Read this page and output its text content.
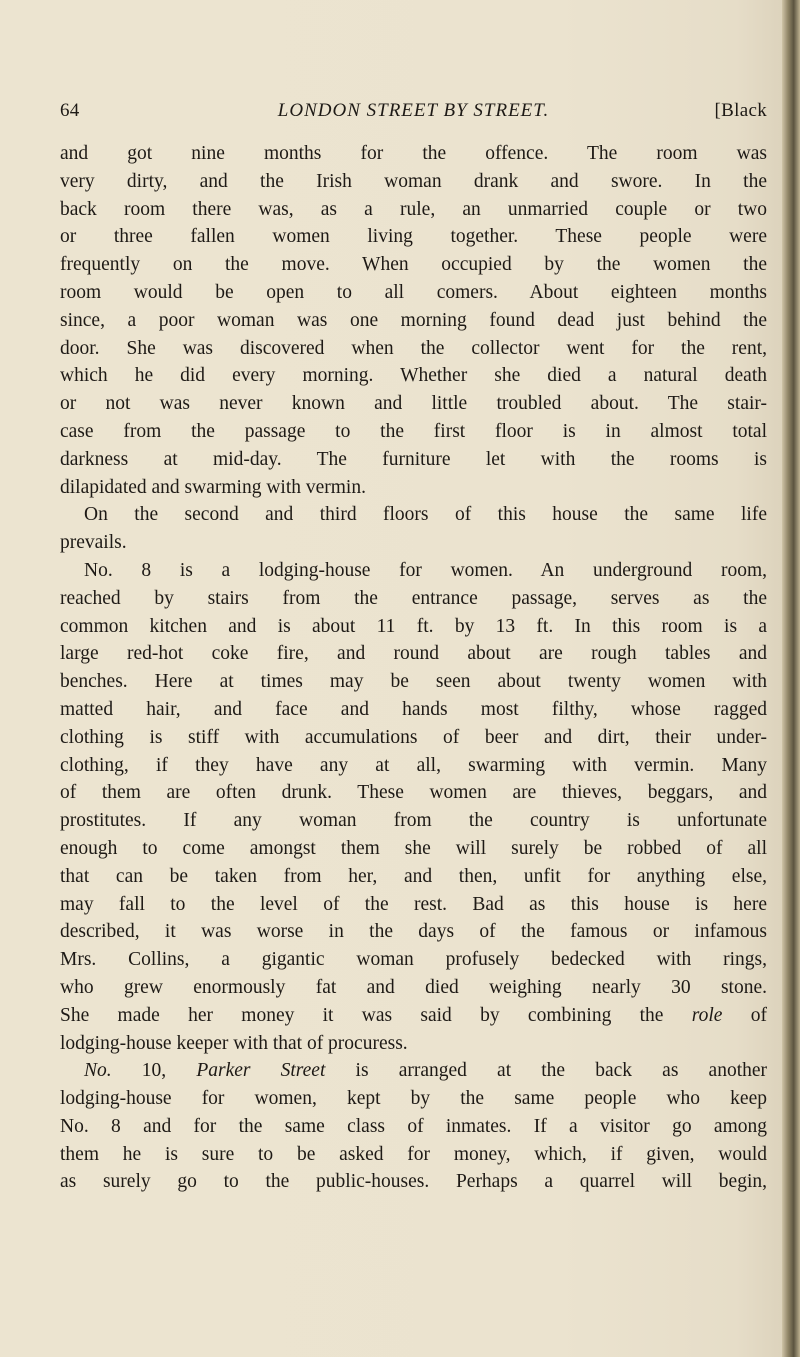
64	LONDON STREET BY STREET.	[Black
and got nine months for the offence. The room was
very dirty, and the Irish woman drank and swore. In the
back room there was, as a rule, an unmarried couple or two
or three fallen women living together. These people were
frequently on the move. When occupied by the women the
room would be open to all comers. About eighteen months
since, a poor woman was one morning found dead just behind the
door. She was discovered when the collector went for the rent,
which he did every morning. Whether she died a natural death
or not was never known and little troubled about. The stair-
case from the passage to the first floor is in almost total
darkness at mid-day. The furniture let with the rooms is
dilapidated and swarming with vermin.
On the second and third floors of this house the same life
prevails.
No. 8 is a lodging-house for women. An underground room,
reached by stairs from the entrance passage, serves as the
common kitchen and is about 11 ft. by 13 ft. In this room is a
large red-hot coke fire, and round about are rough tables and
benches. Here at times may be seen about twenty women with
matted hair, and face and hands most filthy, whose ragged
clothing is stiff with accumulations of beer and dirt, their under-
clothing, if they have any at all, swarming with vermin. Many
of them are often drunk. These women are thieves, beggars, and
prostitutes. If any woman from the country is unfortunate
enough to come amongst them she will surely be robbed of all
that can be taken from her, and then, unfit for anything else,
may fall to the level of the rest. Bad as this house is here
described, it was worse in the days of the famous or infamous
Mrs. Collins, a gigantic woman profusely bedecked with rings,
who grew enormously fat and died weighing nearly 30 stone.
She made her money it was said by combining the role of
lodging-house keeper with that of procuress.
No. 10, Parker Street is arranged at the back as another
lodging-house for women, kept by the same people who keep
No. 8 and for the same class of inmates. If a visitor go among
them he is sure to be asked for money, which, if given, would
as surely go to the public-houses. Perhaps a quarrel will begin,
